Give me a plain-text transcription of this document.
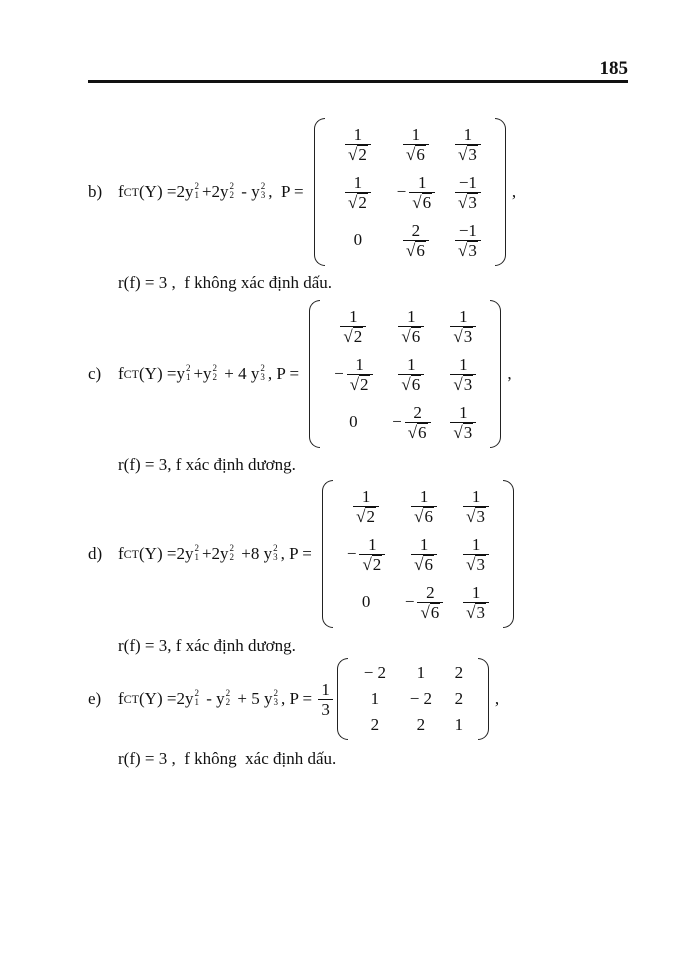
185
b) f CT (Y) = 2y 2
1 + 2y 2
2 - y 2
3 ,  P =
$\frac{1}{√ 2} \frac{1}{√ 6} \frac{1}{√ 3}$
$\frac{1}{√ 2} - \frac{1}{√ 6} \frac{-1}{√ 3}$
$0 \frac{2}{√ 6} \frac{-1}{√ 3}$
,
r(f) = 3 ,  f không xác định dấu.
c) f CT (Y) = y 2
1 + y 2
2 + 4 y 2
3 , P =
$\frac{1}{√ 2} \frac{1}{√ 6} \frac{1}{√ 3}$
− $\frac{1}{√ 2} \frac{1}{√ 6} \frac{1}{√ 3}$
$0 - \frac{2}{√ 6} \frac{1}{√ 3}$
,
r(f) = 3, f xác định dương.
d) f CT (Y) = 2y 2
1 + 2y 2
2 + 8 y 2
3 , P =
$\frac{1}{√ 2} \frac{1}{√ 6} \frac{1}{√ 3}$
− $\frac{1}{√ 2} \frac{1}{√ 6} \frac{1}{√ 3}$
$0 - \frac{2}{√ 6} \frac{1}{√ 3}$
r(f) = 3, f xác định dương.
e) f CT (Y) = 2y 2
1 - y 2
2 + 5 y 2
3 , $P = \frac{1}{3}$
− 2 1 2
1 − 2 2
2 2 1
,
r(f) = 3 ,  f không  xác định dấu.
